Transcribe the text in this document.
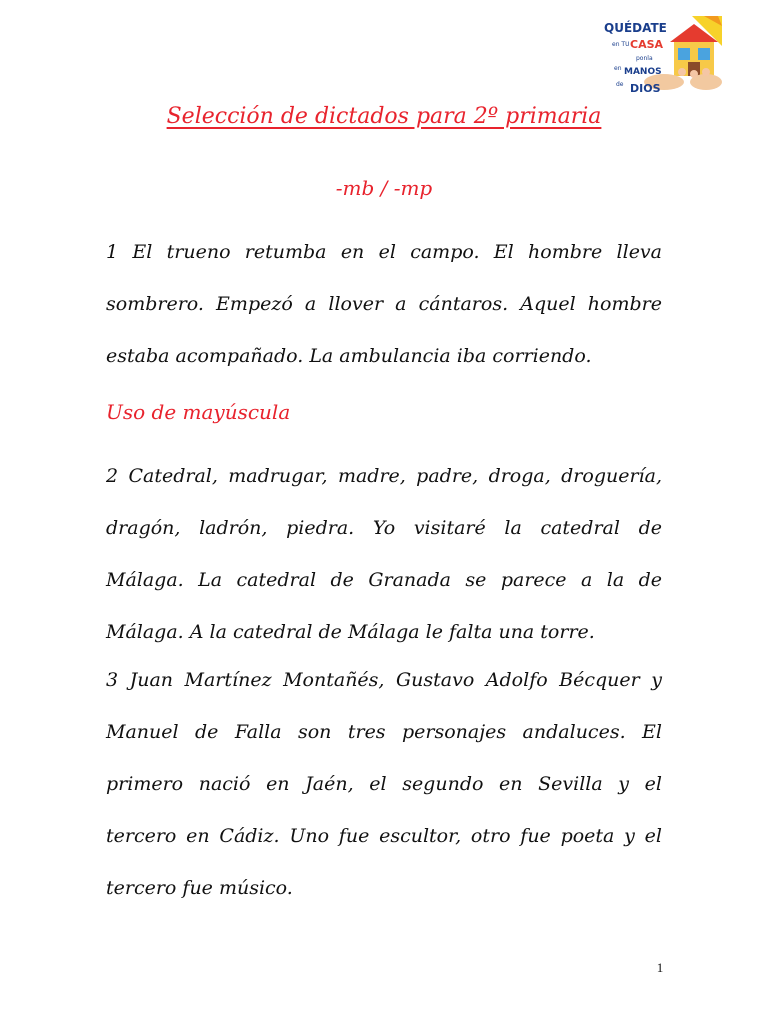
QUÉDATE
en TU CASA
ponla
en MANOS
de DIOS
Selección de dictados para 2º primaria
-mb / -mp
1 El trueno retumba en el campo. El hombre lleva
sombrero. Empezó a llover a cántaros. Aquel hombre
estaba acompañado. La ambulancia iba corriendo.
Uso de mayúscula
2 Catedral, madrugar, madre, padre, droga, droguería,
dragón, ladrón, piedra. Yo visitaré la catedral de
Málaga. La catedral de Granada se parece a la de
Málaga. A la catedral de Málaga le falta una torre.
3 Juan Martínez Montañés, Gustavo Adolfo Bécquer y
Manuel de Falla son tres personajes andaluces. El
primero nació en Jaén, el segundo en Sevilla y el
tercero en Cádiz. Uno fue escultor, otro fue poeta y el
tercero fue músico.
1
